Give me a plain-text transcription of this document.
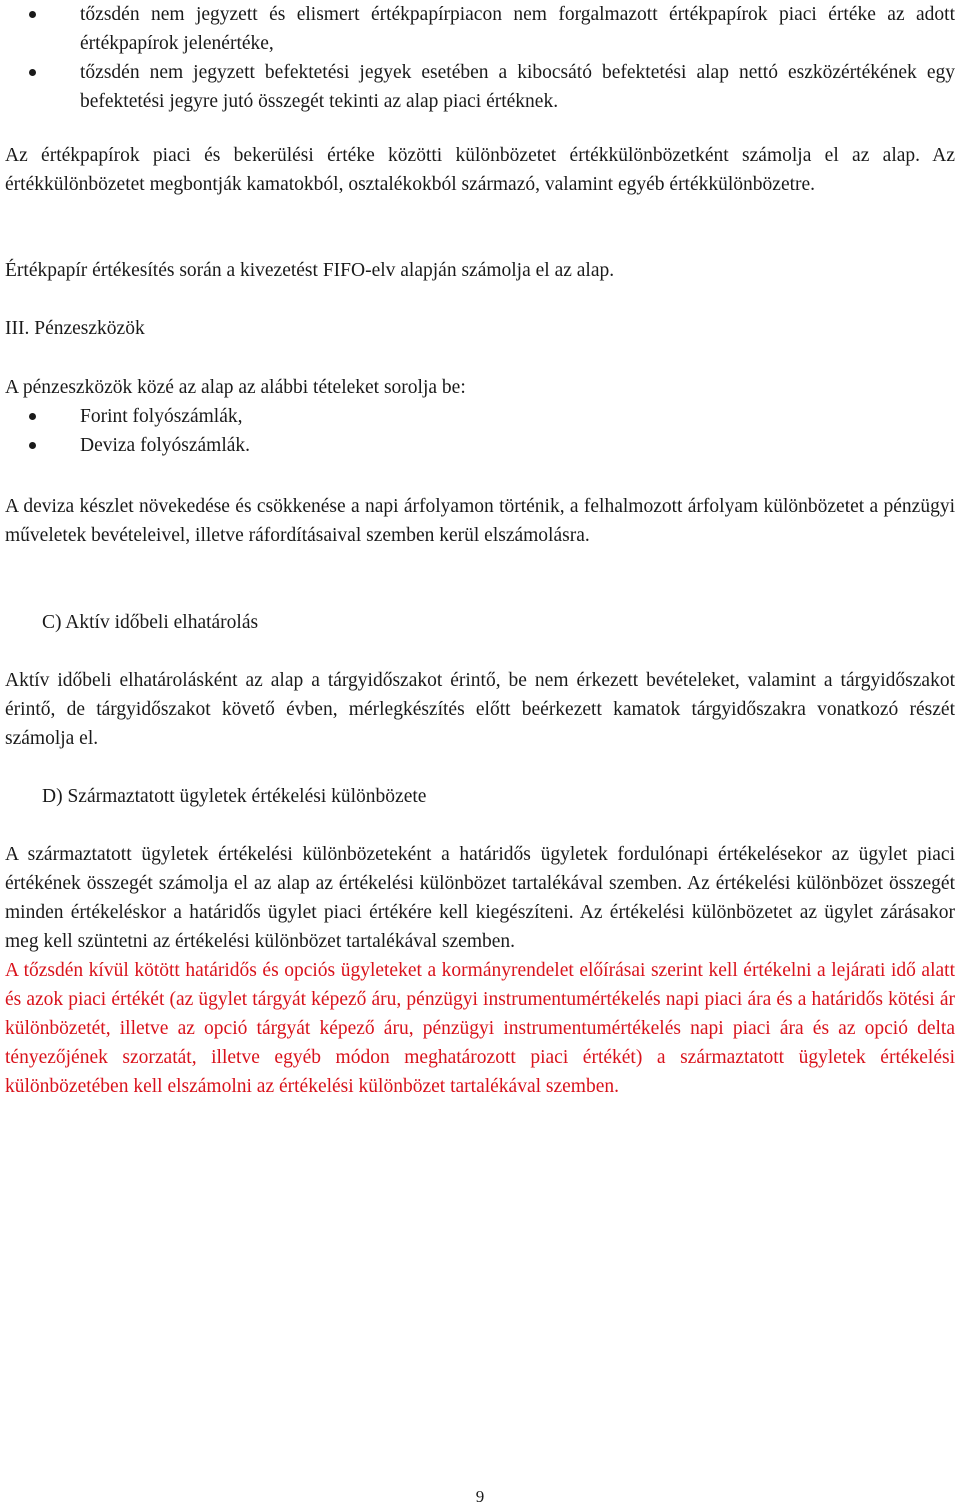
tőzsdén nem jegyzett és elismert értékpapírpiacon nem forgalmazott értékpapírok piaci értéke az adott értékpapírok jelenértéke,
tőzsdén nem jegyzett befektetési jegyek esetében a kibocsátó befektetési alap nettó eszközértékének egy befektetési jegyre jutó összegét tekinti az alap piaci értéknek.

Az értékpapírok piaci és bekerülési értéke közötti különbözetet értékkülönbözetként számolja el az alap. Az értékkülönbözetet megbontják kamatokból, osztalékokból származó, valamint egyéb értékkülönbözetre.

Értékpapír értékesítés során a kivezetést FIFO-elv alapján számolja el az alap.

III. Pénzeszközök

A pénzeszközök közé az alap az alábbi tételeket sorolja be:

Forint folyószámlák,
Deviza folyószámlák.

A deviza készlet növekedése és csökkenése a napi árfolyamon történik, a felhalmozott árfolyam különbözetet a pénzügyi műveletek bevételeivel, illetve ráfordításaival szemben kerül elszámolásra.

C) Aktív időbeli elhatárolás

Aktív időbeli elhatárolásként az alap a tárgyidőszakot érintő, be nem érkezett bevételeket, valamint a tárgyidőszakot érintő, de tárgyidőszakot követő évben, mérlegkészítés előtt beérkezett kamatok tárgyidőszakra vonatkozó részét számolja el.

D) Származtatott ügyletek értékelési különbözete

A származtatott ügyletek értékelési különbözeteként a határidős ügyletek fordulónapi értékelésekor az ügylet piaci értékének összegét számolja el az alap az értékelési különbözet tartalékával szemben. Az értékelési különbözet összegét minden értékeléskor a határidős ügylet piaci értékére kell kiegészíteni. Az értékelési különbözetet az ügylet zárásakor meg kell szüntetni az értékelési különbözet tartalékával szemben.

A tőzsdén kívül kötött határidős és opciós ügyleteket a kormányrendelet előírásai szerint kell értékelni a lejárati idő alatt és azok piaci értékét (az ügylet tárgyát képező áru, pénzügyi instrumentumértékelés napi piaci ára és a határidős kötési ár különbözetét, illetve az opció tárgyát képező áru, pénzügyi instrumentumértékelés napi piaci ára és az opció delta tényezőjének szorzatát, illetve egyéb módon meghatározott piaci értékét) a származtatott ügyletek értékelési különbözetében kell elszámolni az értékelési különbözet tartalékával szemben.

9
